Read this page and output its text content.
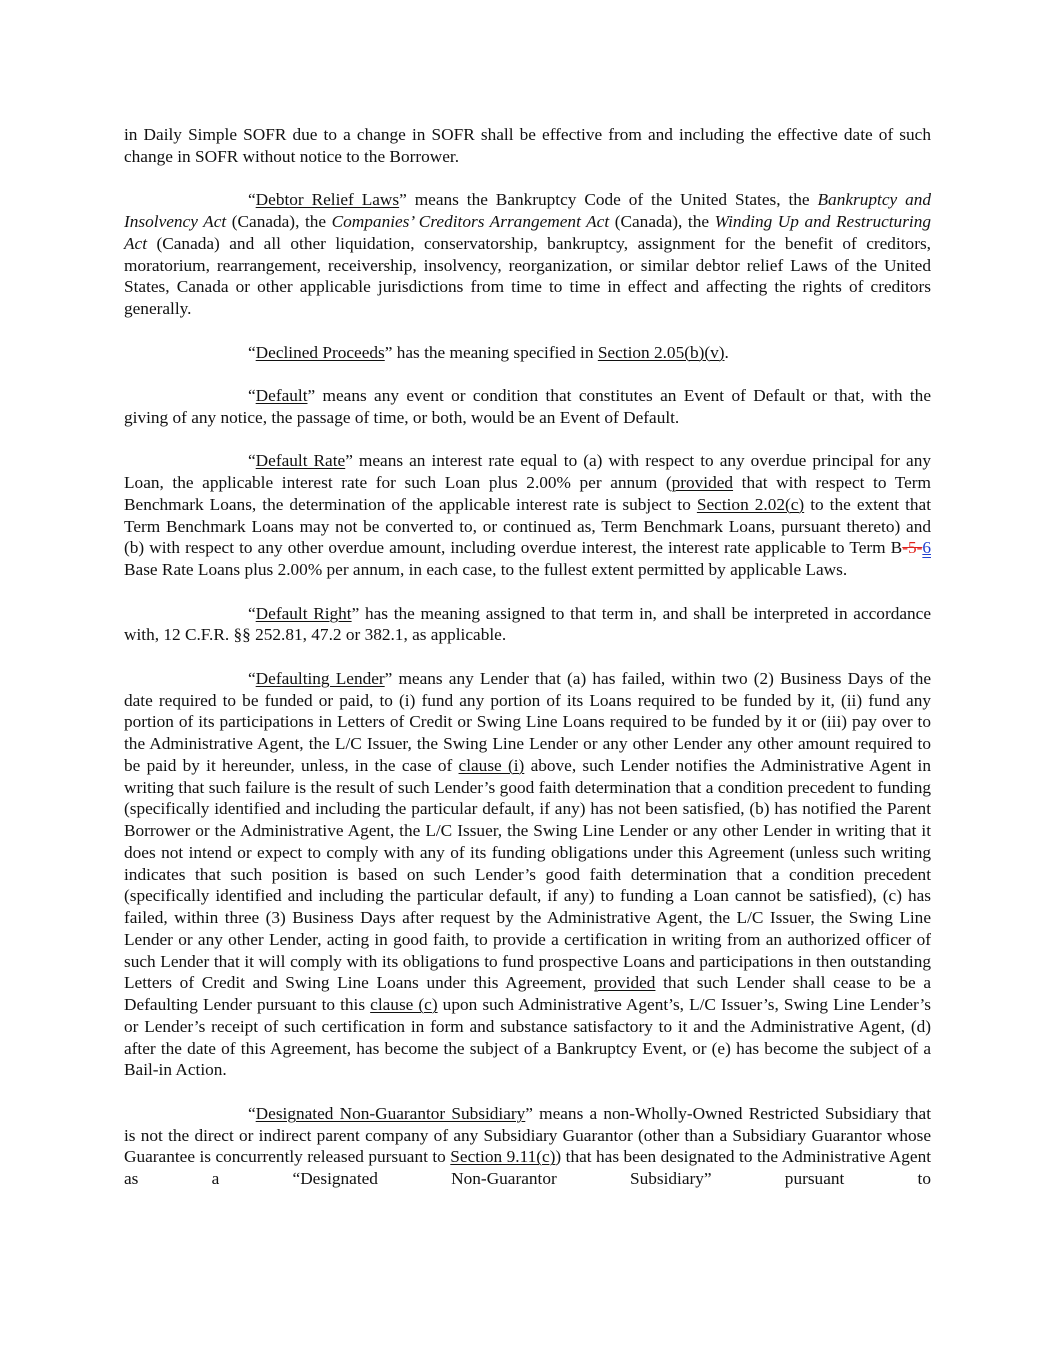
in Daily Simple SOFR due to a change in SOFR shall be effective from and including the effective date of such change in SOFR without notice to the Borrower.

“Debtor Relief Laws” means the Bankruptcy Code of the United States, the Bankruptcy and Insolvency Act (Canada), the Companies’ Creditors Arrangement Act (Canada), the Winding Up and Restructuring Act (Canada) and all other liquidation, conservatorship, bankruptcy, assignment for the benefit of creditors, moratorium, rearrangement, receivership, insolvency, reorganization, or similar debtor relief Laws of the United States, Canada or other applicable jurisdictions from time to time in effect and affecting the rights of creditors generally.

“Declined Proceeds” has the meaning specified in Section 2.05(b)(v).

“Default” means any event or condition that constitutes an Event of Default or that, with the giving of any notice, the passage of time, or both, would be an Event of Default.

“Default Rate” means an interest rate equal to (a) with respect to any overdue principal for any Loan, the applicable interest rate for such Loan plus 2.00% per annum (provided that with respect to Term Benchmark Loans, the determination of the applicable interest rate is subject to Section 2.02(c) to the extent that Term Benchmark Loans may not be converted to, or continued as, Term Benchmark Loans, pursuant thereto) and (b) with respect to any other overdue amount, including overdue interest, the interest rate applicable to Term B-5-6 Base Rate Loans plus 2.00% per annum, in each case, to the fullest extent permitted by applicable Laws.

“Default Right” has the meaning assigned to that term in, and shall be interpreted in accordance with, 12 C.F.R. §§ 252.81, 47.2 or 382.1, as applicable.

“Defaulting Lender” means any Lender that (a) has failed, within two (2) Business Days of the date required to be funded or paid, to (i) fund any portion of its Loans required to be funded by it, (ii) fund any portion of its participations in Letters of Credit or Swing Line Loans required to be funded by it or (iii) pay over to the Administrative Agent, the L/C Issuer, the Swing Line Lender or any other Lender any other amount required to be paid by it hereunder, unless, in the case of clause (i) above, such Lender notifies the Administrative Agent in writing that such failure is the result of such Lender’s good faith determination that a condition precedent to funding (specifically identified and including the particular default, if any) has not been satisfied, (b) has notified the Parent Borrower or the Administrative Agent, the L/C Issuer, the Swing Line Lender or any other Lender in writing that it does not intend or expect to comply with any of its funding obligations under this Agreement (unless such writing indicates that such position is based on such Lender’s good faith determination that a condition precedent (specifically identified and including the particular default, if any) to funding a Loan cannot be satisfied), (c) has failed, within three (3) Business Days after request by the Administrative Agent, the L/C Issuer, the Swing Line Lender or any other Lender, acting in good faith, to provide a certification in writing from an authorized officer of such Lender that it will comply with its obligations to fund prospective Loans and participations in then outstanding Letters of Credit and Swing Line Loans under this Agreement, provided that such Lender shall cease to be a Defaulting Lender pursuant to this clause (c) upon such Administrative Agent’s, L/C Issuer’s, Swing Line Lender’s or Lender’s receipt of such certification in form and substance satisfactory to it and the Administrative Agent, (d) after the date of this Agreement, has become the subject of a Bankruptcy Event, or (e) has become the subject of a Bail-in Action.

“Designated Non-Guarantor Subsidiary” means a non-Wholly-Owned Restricted Subsidiary that is not the direct or indirect parent company of any Subsidiary Guarantor (other than a Subsidiary Guarantor whose Guarantee is concurrently released pursuant to Section 9.11(c)) that has been designated to the Administrative Agent as a “Designated Non-Guarantor Subsidiary” pursuant to
